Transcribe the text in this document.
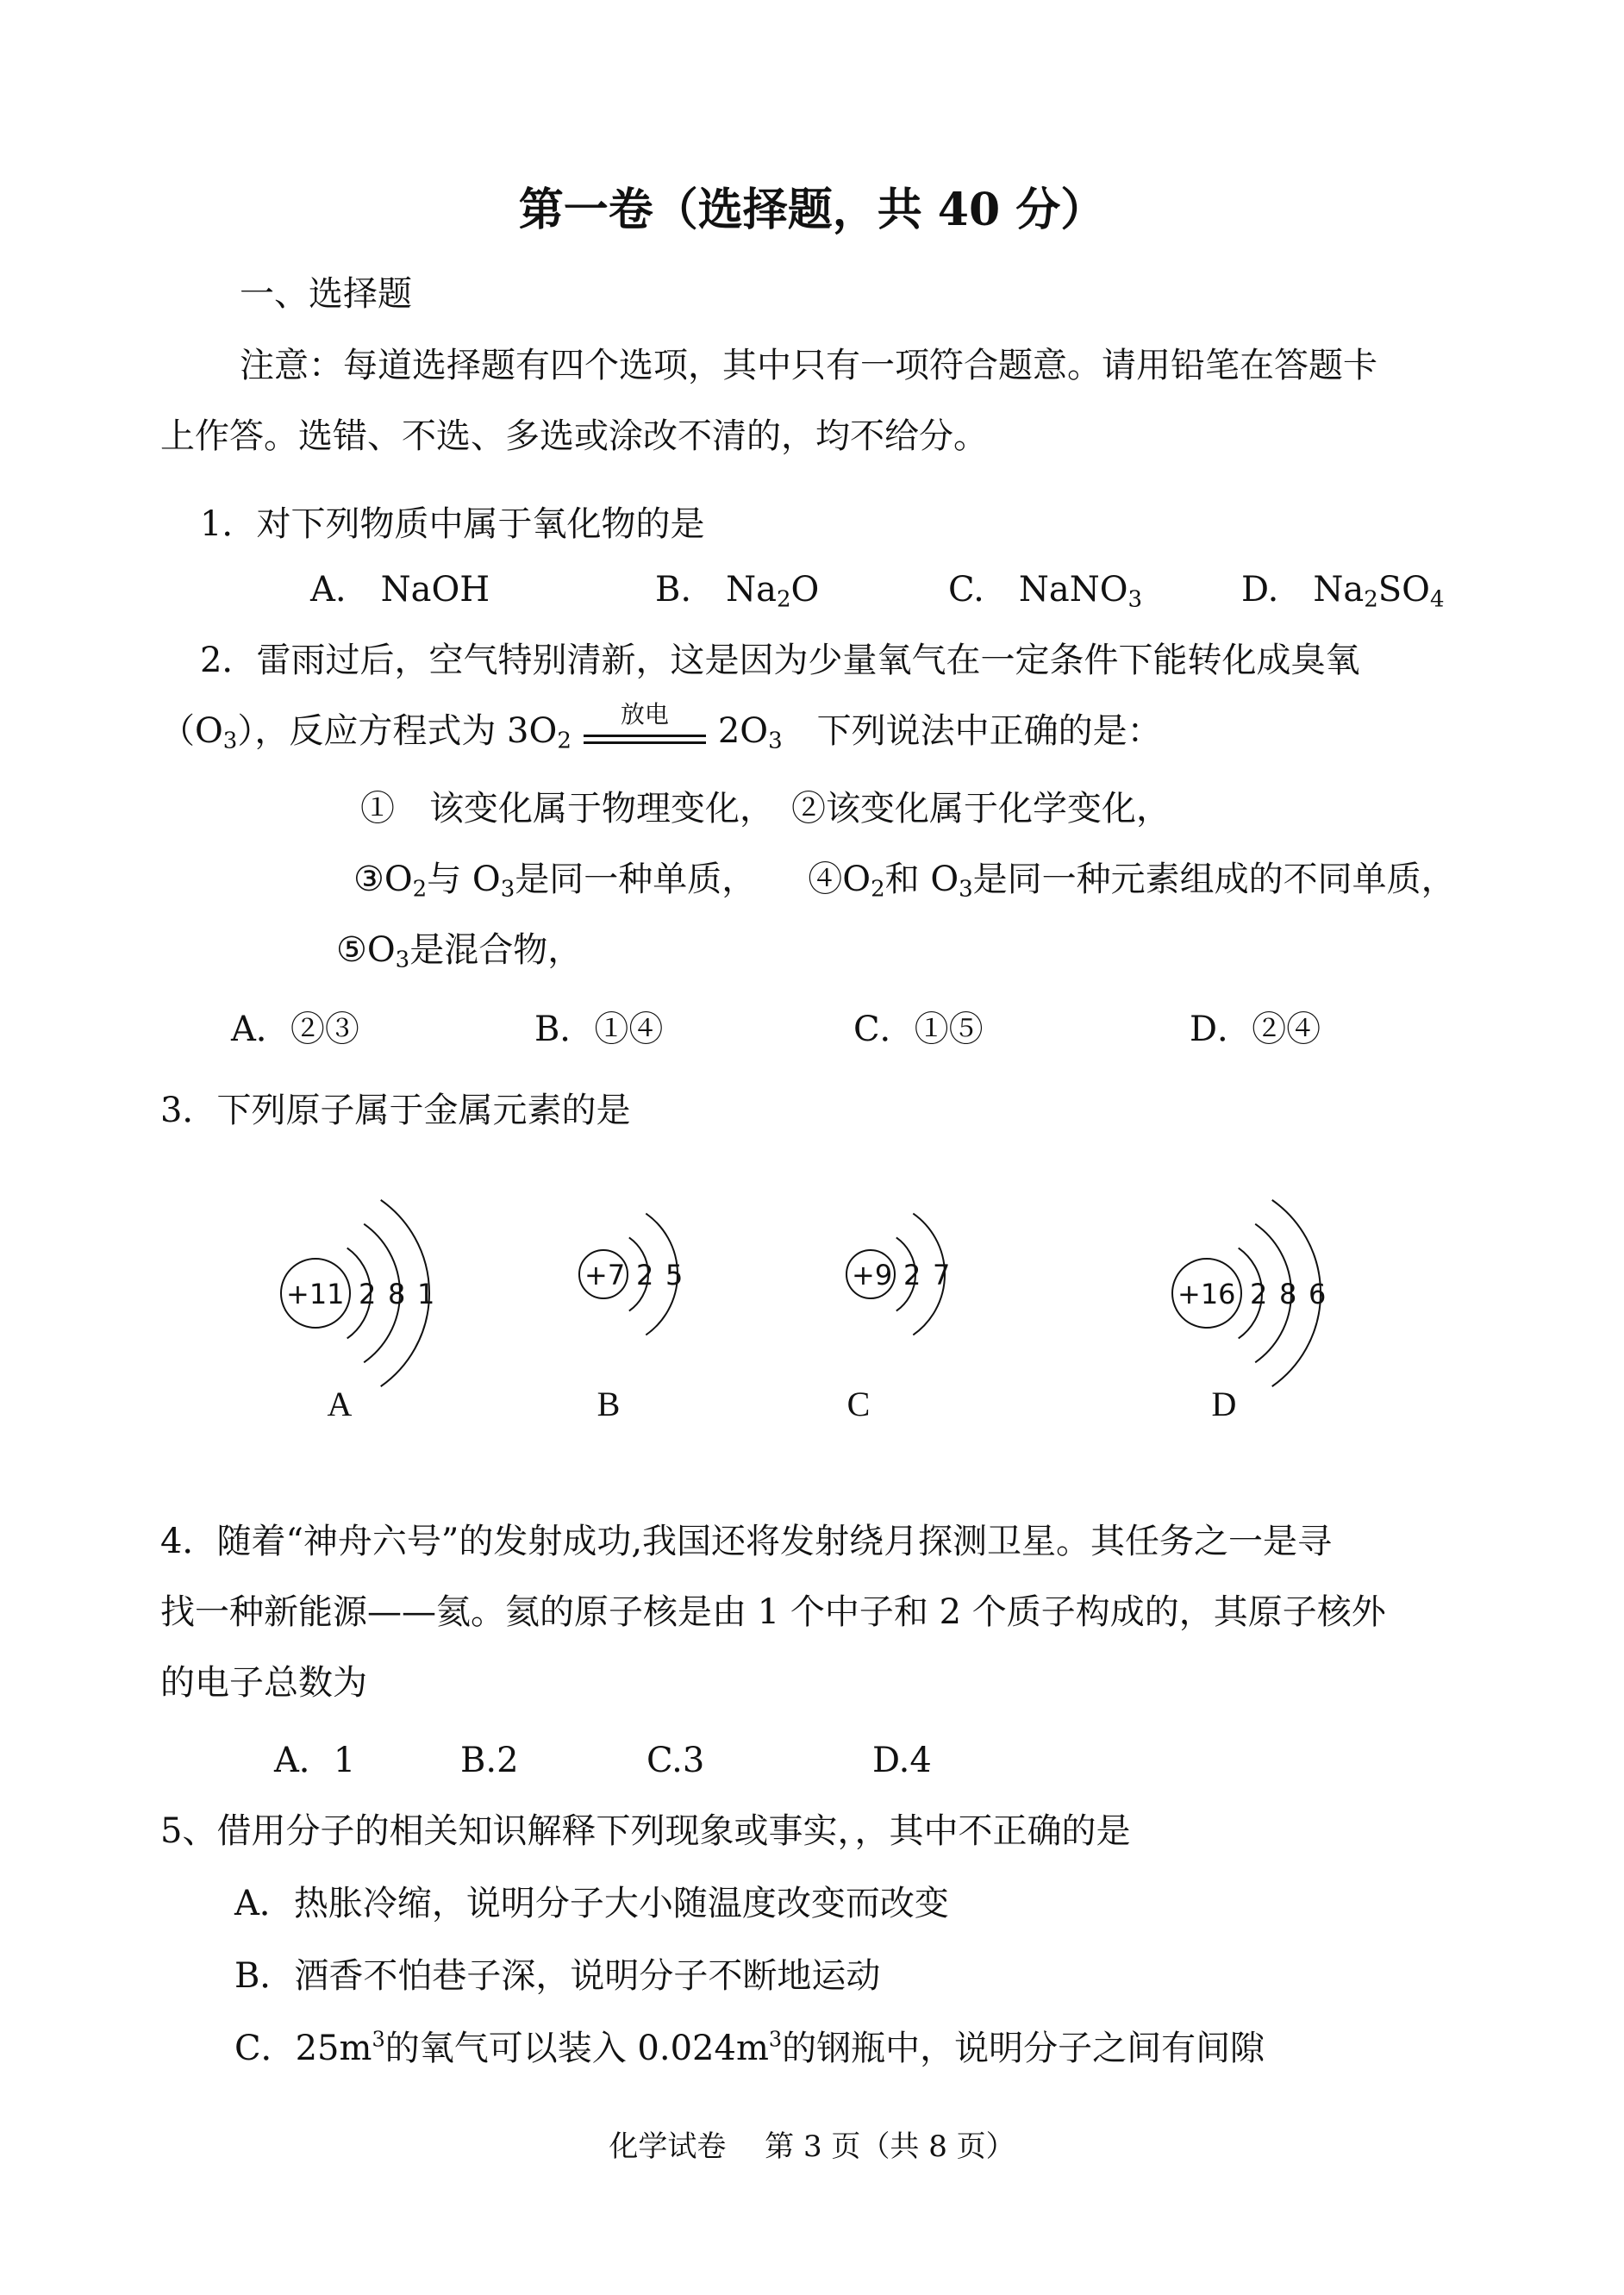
第一卷（选择题，共 40 分）
一、选择题
注意：每道选择题有四个选项，其中只有一项符合题意。请用铅笔在答题卡
上作答。选错、不选、多选或涂改不清的，均不给分。
1．对下列物质中属于氧化物的是
A.　NaOH	B.　$Na_2O$	C.　NaNO$_3$	D.　$Na_2SO_4$
2．雷雨过后，空气特别清新，这是因为少量氧气在一定条件下能转化成臭氧
$(O_3)$，反应方程式为 $3O_2$
放电	$2O_3$　下列说法中正确的是：
①　该变化属于物理变化，　②该变化属于化学变化，
$③O_2$与 $O_3$是同一种单质，　　$④O_2$和 $O_3$是同一种元素组成的不同单质，
$⑤O_3$是混合物，
A．②③	B．①④	C．①⑤	D．②④
3．下列原子属于金属元素的是
+11 2 8 1
+7 2 5	+9 2 7
+16 2 8 6
A	B	C	D
4．随着“神舟六号”的发射成功,我国还将发射绕月探测卫星。其任务之一是寻
找一种新能源——氦。氦的原子核是由 1 个中子和 2 个质子构成的，其原子核外
的电子总数为
A．1	B.2	C.3	D.4
5、借用分子的相关知识解释下列现象或事实，，其中不正确的是
A．热胀冷缩，说明分子大小随温度改变而改变
B．酒香不怕巷子深，说明分子不断地运动
C．$25m^3$的氧气可以装入 $0.024m^3$的钢瓶中，说明分子之间有间隙
化学试卷　 第 3 页（共 8 页）
